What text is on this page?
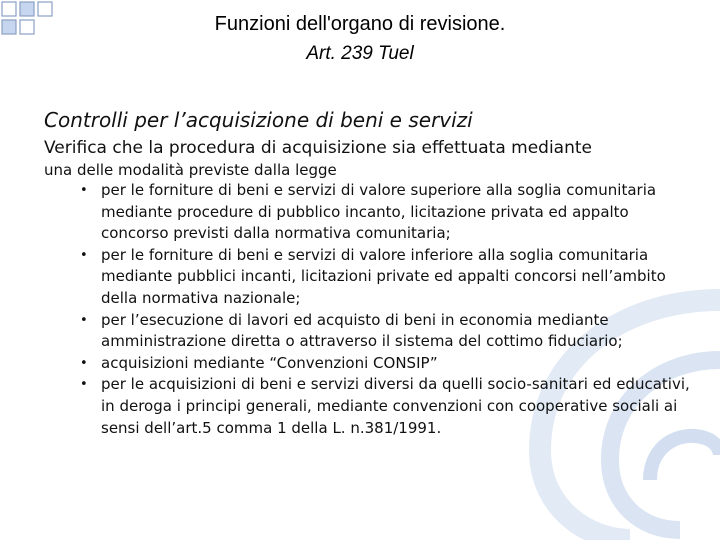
Funzioni dell'organo di revisione.
Art. 239 Tuel
Controlli per l’acquisizione di beni e servizi
Verifica che la procedura di acquisizione sia effettuata mediante
una delle modalità previste dalla legge
• per le forniture di beni e servizi di valore superiore alla soglia comunitaria mediante procedure di pubblico incanto, licitazione privata ed appalto concorso previsti dalla normativa comunitaria;
• per le forniture di beni e servizi di valore inferiore alla soglia comunitaria mediante pubblici incanti, licitazioni private ed appalti concorsi nell’ambito della normativa nazionale;
• per l’esecuzione di lavori ed acquisto di beni in economia mediante amministrazione diretta o attraverso il sistema del cottimo fiduciario;
• acquisizioni mediante “Convenzioni CONSIP”
• per le acquisizioni di beni e servizi diversi da quelli socio-sanitari ed educativi, in deroga i principi generali, mediante convenzioni con cooperative sociali ai sensi dell’art.5 comma 1 della L. n.381/1991.
